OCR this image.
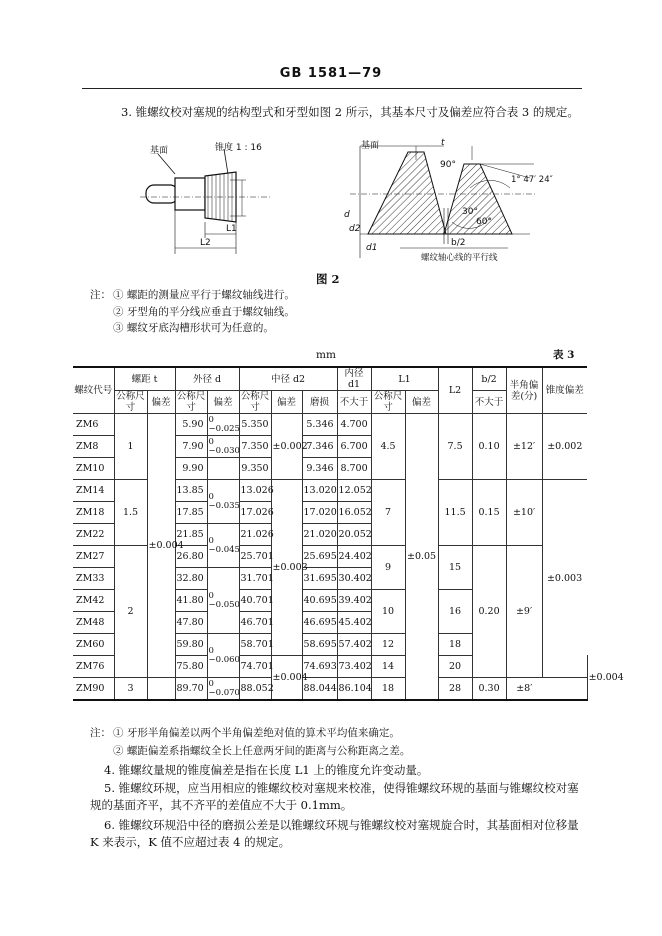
GB 1581—79
3. 锥螺纹校对塞规的结构型式和牙型如图 2 所示，其基本尺寸及偏差应符合表 3 的规定。
基面	锥度 1 : 16
L1
L2
基面	t
90°
1° 47′ 24″
30°
60°
b/2
d
d2
d1
螺纹轴心线的平行线
图 2
注： ① 螺距的测量应平行于螺纹轴线进行。
② 牙型角的平分线应垂直于螺纹轴线。
③ 螺纹牙底沟槽形状可为任意的。
mm	表 3
螺纹代号	螺距 t		外径 d		中径 d2			内径 d1	L1		L2	b/2	半角偏差(分)	锥度偏差	
	公称尺寸	偏差	公称尺寸	偏差	公称尺寸	偏差	磨损	不大于	公称尺寸	偏差		不大于			
ZM6	1	±0.004	5.90	0
−0.025	5.350	±0.002	5.346	4.700	4.5	±0.05	7.5	0.10	±12′	±0.002	
ZM8			7.90	0
−0.030	7.350		7.346	6.700							
ZM10			9.90		9.350		9.346	8.700							
ZM14	1.5		13.85	0
−0.035	13.026	±0.003	13.020	12.052	7		11.5	0.15	±10′	±0.003	
ZM18			17.85		17.026		17.020	16.052							
ZM22			21.85	0
−0.045	21.026		21.020	20.052							
ZM27	2		26.80		25.701		25.695	24.402	9		15	0.20	±9′		
ZM33			32.80	0
−0.050	31.701		31.695	30.402							
ZM42			41.80		40.701		40.695	39.402	10		16				
ZM48			47.80		46.701		46.695	45.402							
ZM60			59.80	0
−0.060	58.701		58.695	57.402	12		18				
ZM76			75.80		74.701	±0.004	74.693	73.402	14		20				±0.004
ZM90	3		89.70	0
−0.070	88.052		88.044	86.104	18		28	0.30	±8′		
注： ① 牙形半角偏差以两个半角偏差绝对值的算术平均值来确定。
② 螺距偏差系指螺纹全长上任意两牙间的距离与公称距离之差。
4. 锥螺纹量规的锥度偏差是指在长度 L1 上的锥度允许变动量。
5. 锥螺纹环规，应当用相应的锥螺纹校对塞规来校准，使得锥螺纹环规的基面与锥螺纹校对塞规的基面齐平，其不齐平的差值应不大于 0.1mm。
6. 锥螺纹环规沿中径的磨损公差是以锥螺纹环规与锥螺纹校对塞规旋合时，其基面相对位移量 K 来表示，K 值不应超过表 4 的规定。
